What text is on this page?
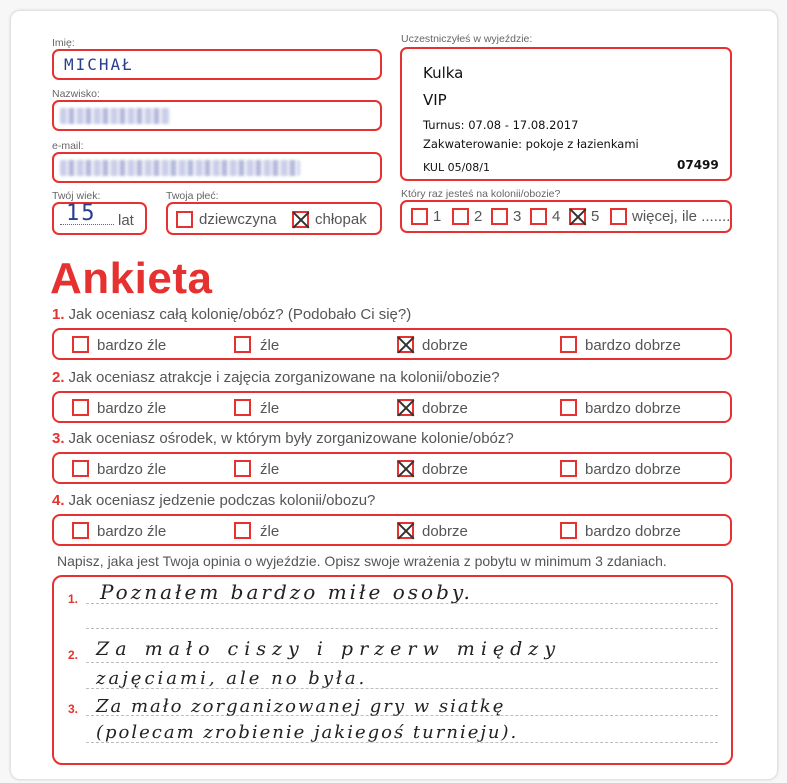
Imię:
MICHAŁ
Nazwisko:
e-mail:
Twój wiek:
15 lat
Twoja płeć:
dziewczyna	chłopak
Uczestniczyłeś w wyjeździe:
Kulka
VIP
Turnus: 07.08 - 17.08.2017
Zakwaterowanie: pokoje z łazienkami
KUL 05/08/1	07499
Który raz jesteś na kolonii/obozie?
1 2 3 4 5 więcej, ile .......
Ankieta
1. Jak oceniasz całą kolonię/obóz? (Podobało Ci się?)
bardzo źle	źle	dobrze	bardzo dobrze
2. Jak oceniasz atrakcje i zajęcia zorganizowane na kolonii/obozie?
bardzo źle	źle	dobrze	bardzo dobrze
3. Jak oceniasz ośrodek, w którym były zorganizowane kolonie/obóz?
bardzo źle	źle	dobrze	bardzo dobrze
4. Jak oceniasz jedzenie podczas kolonii/obozu?
bardzo źle	źle	dobrze	bardzo dobrze
Napisz, jaka jest Twoja opinia o wyjeździe. Opisz swoje wrażenia z pobytu w minimum 3 zdaniach.
1.
2.
3.
Poznałem bardzo miłe osoby.
Za mało ciszy i przerw między
zajęciami, ale no była.
Za mało zorganizowanej gry w siatkę
(polecam zrobienie jakiegoś turnieju).
